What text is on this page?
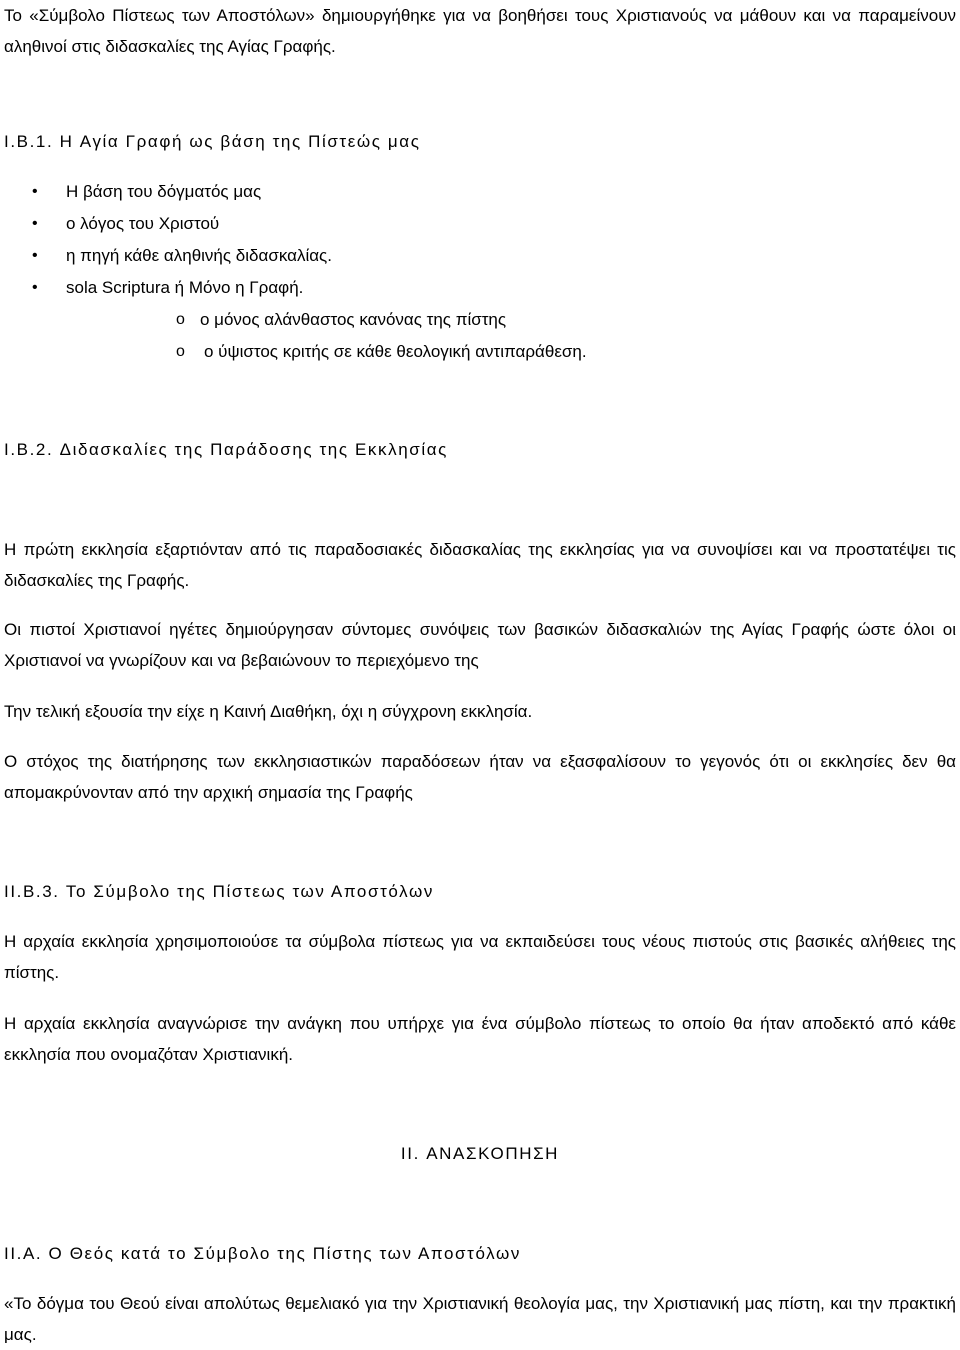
Το «Σύμβολο Πίστεως των Αποστόλων» δημιουργήθηκε για να βοηθήσει τους Χριστιανούς να μάθουν και να παραμείνουν αληθινοί στις διδασκαλίες της Αγίας Γραφής.

I.B.1. H Αγία Γραφή ως βάση της Πίστεώς μας
• H βάση του δόγματός μας
• ο λόγος του Χριστού
• η πηγή κάθε αληθινής διδασκαλίας.
• sola Scriptura ή Μόνο η Γραφή.
o ο μόνος αλάνθαστος κανόνας της πίστης
o ο ύψιστος κριτής σε κάθε θεολογική αντιπαράθεση.
I.B.2. Διδασκαλίες της Παράδοσης της Εκκλησίας

H πρώτη εκκλησία εξαρτιόνταν από τις παραδοσιακές διδασκαλίας της εκκλησίας για να συνοψίσει και να προστατέψει τις διδασκαλίες της Γραφής.

Οι πιστοί Χριστιανοί ηγέτες δημιούργησαν σύντομες συνόψεις των βασικών διδασκαλιών της Αγίας Γραφής ώστε όλοι οι Χριστιανοί να γνωρίζουν και να βεβαιώνουν το περιεχόμενο της

Την τελική εξουσία την είχε η Καινή Διαθήκη, όχι η σύγχρονη εκκλησία.

Ο στόχος της διατήρησης των εκκλησιαστικών παραδόσεων ήταν να εξασφαλίσουν το γεγονός ότι οι εκκλησίες δεν θα απομακρύνονταν από την αρχική σημασία της Γραφής

II.B.3. Το Σύμβολο της Πίστεως των Αποστόλων

H αρχαία εκκλησία χρησιμοποιούσε τα σύμβολα πίστεως για να εκπαιδεύσει τους νέους πιστούς στις βασικές αλήθειες της πίστης.

Η αρχαία εκκλησία αναγνώρισε την ανάγκη που υπήρχε για ένα σύμβολο πίστεως το οποίο θα ήταν αποδεκτό από κάθε εκκλησία που ονομαζόταν Χριστιανική.

II. ΑΝΑΣΚΟΠΗΣΗ
II.A. Ο Θεός κατά το Σύμβολο της Πίστης των Αποστόλων

«Το δόγμα του Θεού είναι απολύτως θεμελιακό για την Χριστιανική θεολογία μας, την Χριστιανική μας πίστη, και την πρακτική μας.
